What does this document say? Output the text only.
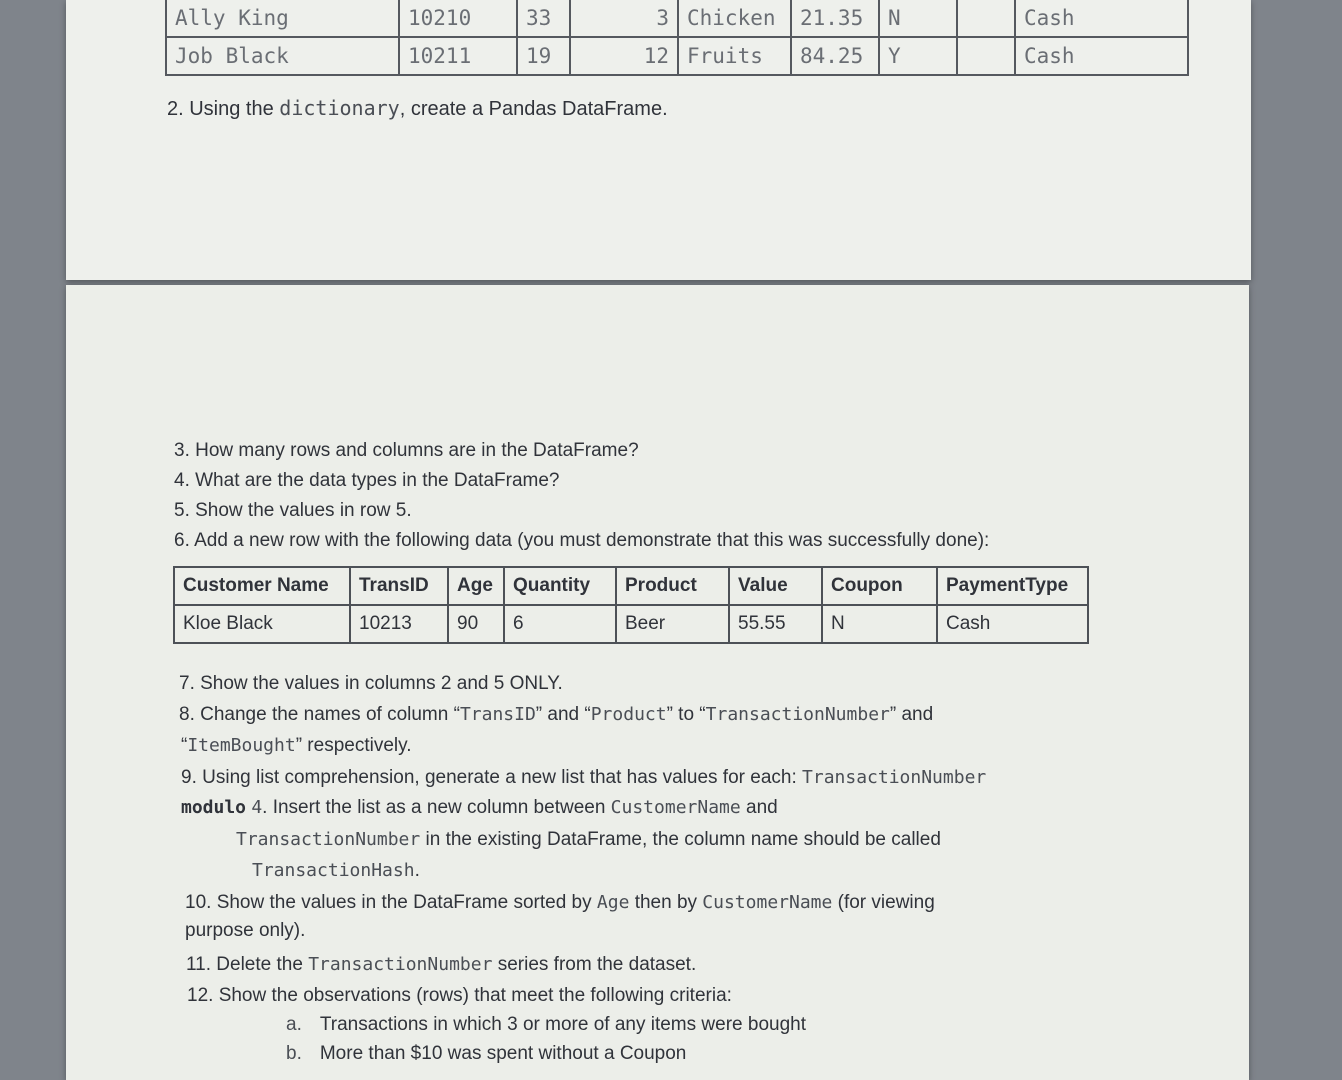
Ally King	10210	33	3	Chicken	21.35	N		Cash
Job Black	10211	19	12	Fruits	84.25	Y		Cash
2. Using the dictionary, create a Pandas DataFrame.
3. How many rows and columns are in the DataFrame?
4. What are the data types in the DataFrame?
5. Show the values in row 5.
6. Add a new row with the following data (you must demonstrate that this was successfully done):
Customer Name	TransID	Age	Quantity	Product	Value	Coupon	PaymentType
Kloe Black	10213	90	6	Beer	55.55	N	Cash
7. Show the values in columns 2 and 5 ONLY.
8. Change the names of column “TransID” and “Product” to “TransactionNumber” and
“ItemBought” respectively.
9. Using list comprehension, generate a new list that has values for each: TransactionNumber
modulo 4. Insert the list as a new column between CustomerName and
TransactionNumber in the existing DataFrame, the column name should be called
TransactionHash.
10. Show the values in the DataFrame sorted by Age then by CustomerName (for viewing
purpose only).
11. Delete the TransactionNumber series from the dataset.
12. Show the observations (rows) that meet the following criteria:
a. Transactions in which 3 or more of any items were bought
b. More than $10 was spent without a Coupon
